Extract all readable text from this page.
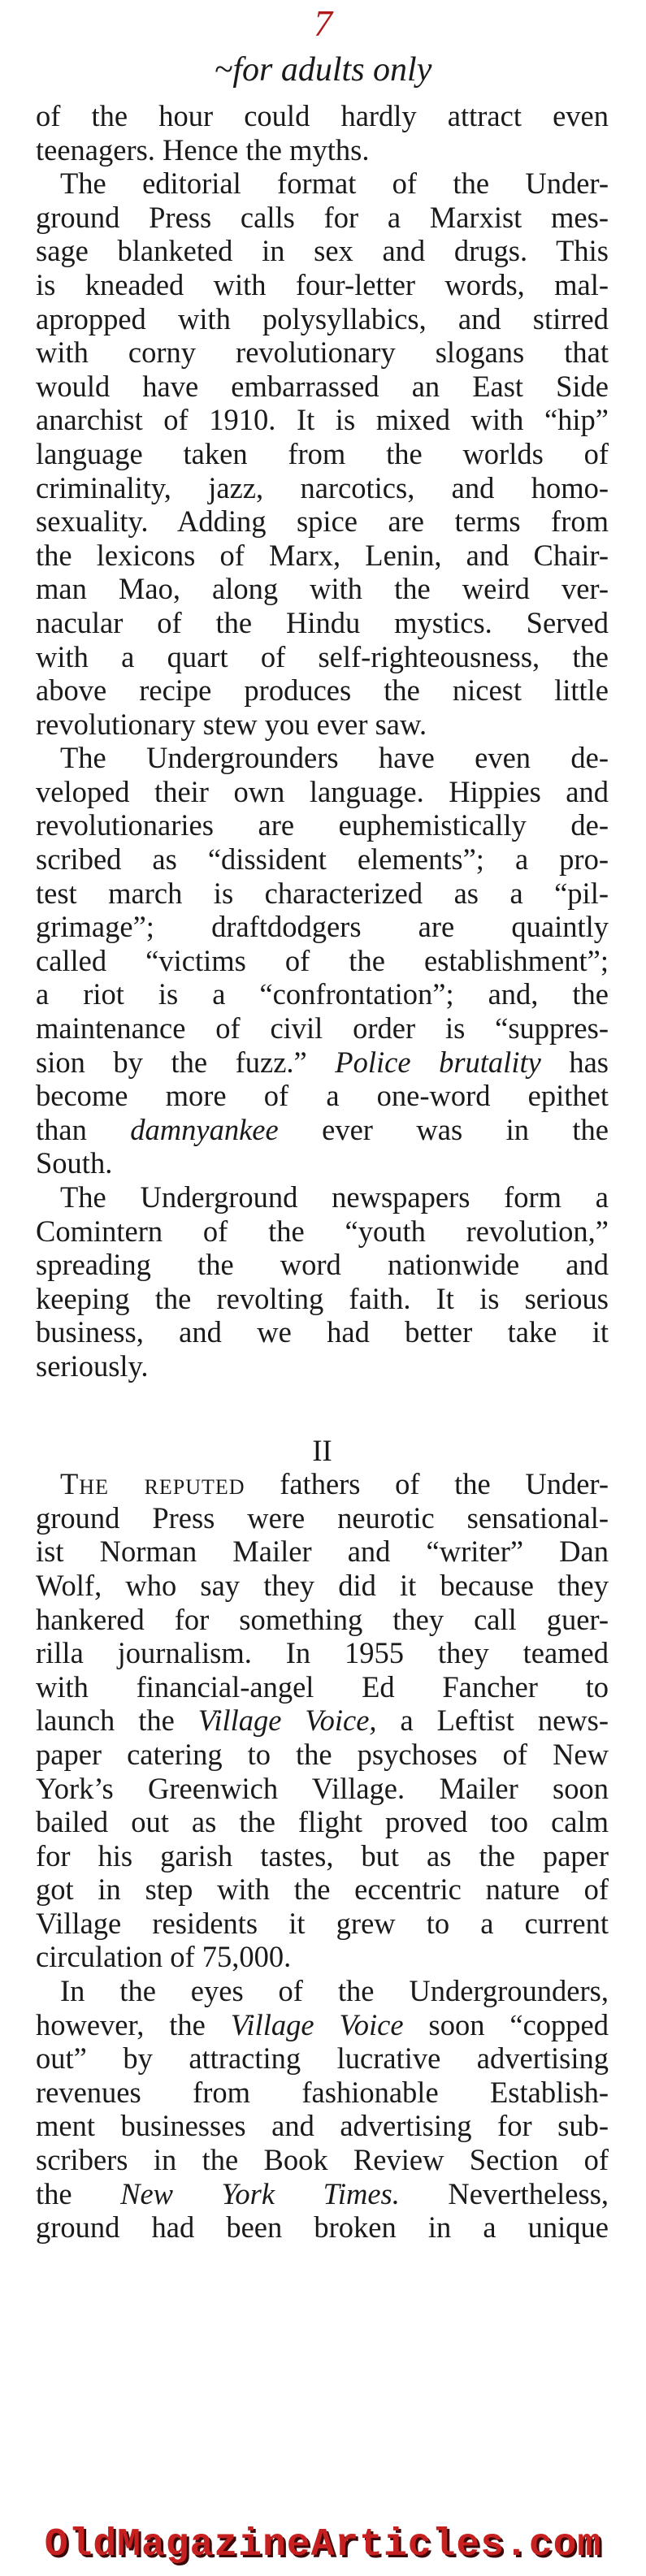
7
~for adults only
of the hour could hardly attract even
teenagers. Hence the myths.
The editorial format of the Under-
ground Press calls for a Marxist mes-
sage blanketed in sex and drugs. This
is kneaded with four-letter words, mal-
apropped with polysyllabics, and stirred
with corny revolutionary slogans that
would have embarrassed an East Side
anarchist of 1910. It is mixed with “hip”
language taken from the worlds of
criminality, jazz, narcotics, and homo-
sexuality. Adding spice are terms from
the lexicons of Marx, Lenin, and Chair-
man Mao, along with the weird ver-
nacular of the Hindu mystics. Served
with a quart of self-righteousness, the
above recipe produces the nicest little
revolutionary stew you ever saw.
The Undergrounders have even de-
veloped their own language. Hippies and
revolutionaries are euphemistically de-
scribed as “dissident elements”; a pro-
test march is characterized as a “pil-
grimage”; draftdodgers are quaintly
called “victims of the establishment”;
a riot is a “confrontation”; and, the
maintenance of civil order is “suppres-
sion by the fuzz.” Police brutality has
become more of a one-word epithet
than damnyankee ever was in the
South.
The Underground newspapers form a
Comintern of the “youth revolution,”
spreading the word nationwide and
keeping the revolting faith. It is serious
business, and we had better take it
seriously.
II
The reputed fathers of the Under-
ground Press were neurotic sensational-
ist Norman Mailer and “writer” Dan
Wolf, who say they did it because they
hankered for something they call guer-
rilla journalism. In 1955 they teamed
with financial-angel Ed Fancher to
launch the Village Voice, a Leftist news-
paper catering to the psychoses of New
York’s Greenwich Village. Mailer soon
bailed out as the flight proved too calm
for his garish tastes, but as the paper
got in step with the eccentric nature of
Village residents it grew to a current
circulation of 75,000.
In the eyes of the Undergrounders,
however, the Village Voice soon “copped
out” by attracting lucrative advertising
revenues from fashionable Establish-
ment businesses and advertising for sub-
scribers in the Book Review Section of
the New York Times. Nevertheless,
ground had been broken in a unique
OldMagazineArticles.com
